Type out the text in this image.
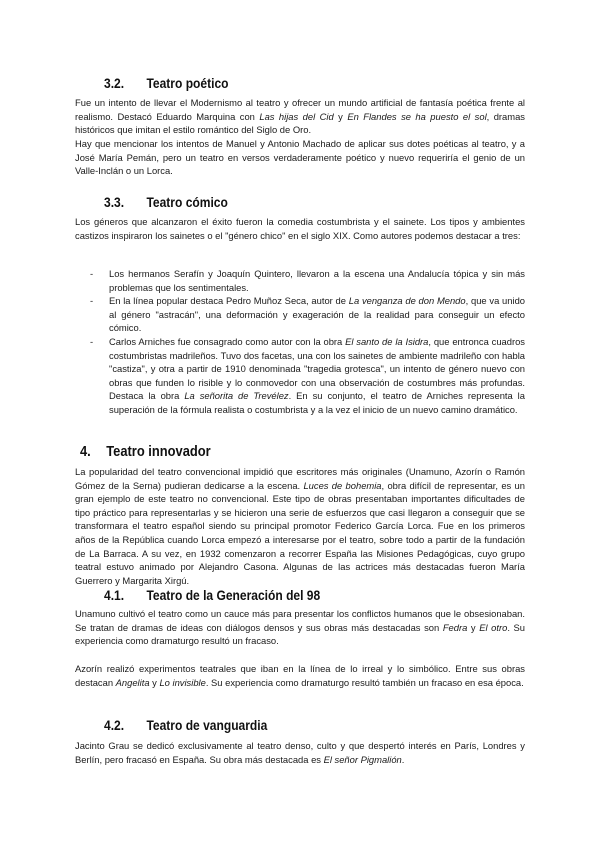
3.2. Teatro poético

Fue un intento de llevar el Modernismo al teatro y ofrecer un mundo artificial de fantasía poética frente al realismo. Destacó Eduardo Marquina con Las hijas del Cid y En Flandes se ha puesto el sol, dramas históricos que imitan el estilo romántico del Siglo de Oro.

Hay que mencionar los intentos de Manuel y Antonio Machado de aplicar sus dotes poéticas al teatro, y a José María Pemán, pero un teatro en versos verdaderamente poético y nuevo requeriría el genio de un Valle-Inclán o un Lorca.

3.3. Teatro cómico

Los géneros que alcanzaron el éxito fueron la comedia costumbrista y el sainete. Los tipos y ambientes castizos inspiraron los sainetes o el "género chico" en el siglo XIX. Como autores podemos destacar a tres:

- Los hermanos Serafín y Joaquín Quintero, llevaron a la escena una Andalucía tópica y sin más problemas que los sentimentales.
- En la línea popular destaca Pedro Muñoz Seca, autor de La venganza de don Mendo, que va unido al género "astracán", una deformación y exageración de la realidad para conseguir un efecto cómico.
- Carlos Arniches fue consagrado como autor con la obra El santo de la Isidra, que entronca cuadros costumbristas madrileños. Tuvo dos facetas, una con los sainetes de ambiente madrileño con habla "castiza", y otra a partir de 1910 denominada "tragedia grotesca", un intento de género nuevo con obras que funden lo risible y lo conmovedor con una observación de costumbres más profundas. Destaca la obra La señorita de Trevélez. En su conjunto, el teatro de Arniches representa la superación de la fórmula realista o costumbrista y a la vez el inicio de un nuevo camino dramático.
4. Teatro innovador

La popularidad del teatro convencional impidió que escritores más originales (Unamuno, Azorín o Ramón Gómez de la Serna) pudieran dedicarse a la escena. Luces de bohemia, obra difícil de representar, es un gran ejemplo de este teatro no convencional. Este tipo de obras presentaban importantes dificultades de tipo práctico para representarlas y se hicieron una serie de esfuerzos que casi llegaron a conseguir que se transformara el teatro español siendo su principal promotor Federico García Lorca. Fue en los primeros años de la República cuando Lorca empezó a interesarse por el teatro, sobre todo a partir de la fundación de La Barraca. A su vez, en 1932 comenzaron a recorrer España las Misiones Pedagógicas, cuyo grupo teatral estuvo animado por Alejandro Casona. Algunas de las actrices más destacadas fueron María Guerrero y Margarita Xirgú.

4.1. Teatro de la Generación del 98

Unamuno cultivó el teatro como un cauce más para presentar los conflictos humanos que le obsesionaban. Se tratan de dramas de ideas con diálogos densos y sus obras más destacadas son Fedra y El otro. Su experiencia como dramaturgo resultó un fracaso.

Azorín realizó experimentos teatrales que iban en la línea de lo irreal y lo simbólico. Entre sus obras destacan Angelita y Lo invisible. Su experiencia como dramaturgo resultó también un fracaso en esa época.

4.2. Teatro de vanguardia

Jacinto Grau se dedicó exclusivamente al teatro denso, culto y que despertó interés en París, Londres y Berlín, pero fracasó en España. Su obra más destacada es El señor Pigmalión.
